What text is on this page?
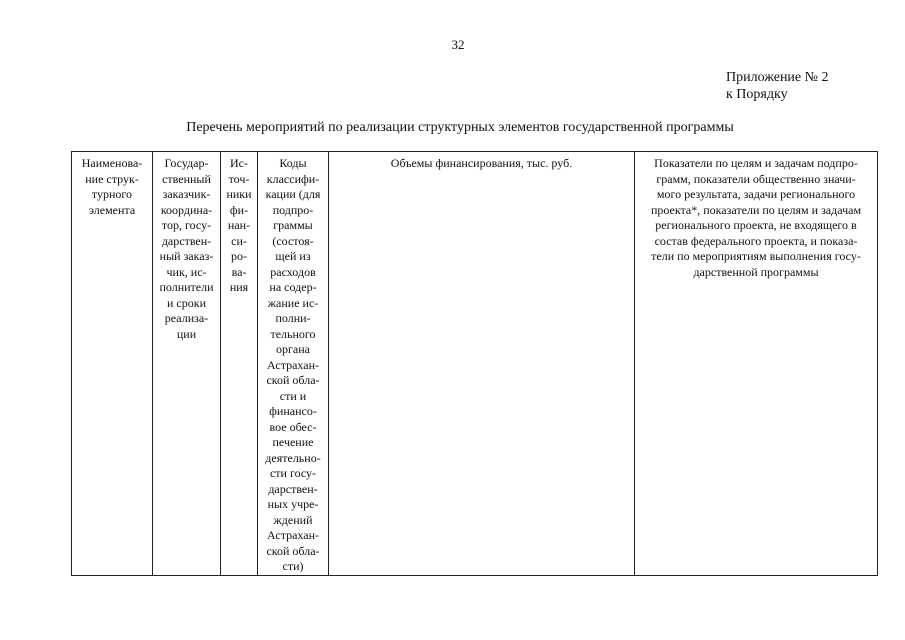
32
Приложение № 2
к Порядку
Перечень мероприятий по реализации структурных элементов государственной программы
Наименова-
ние струк-
турного
элемента

Государ-
ственный
заказчик-
координа-
тор, госу-
дарствен-
ный заказ-
чик, ис-
полнители
и сроки
реализа-
ции

Ис-
точ-
ники
фи-
нан-
си-
ро-
ва-
ния

Коды
классифи-
кации (для
подпро-
граммы
(состоя-
щей из
расходов
на содер-
жание ис-
полни-
тельного
органа
Астрахан-
ской обла-
сти и
финансо-
вое обес-
печение
деятельно-
сти госу-
дарствен-
ных учре-
ждений
Астрахан-
ской обла-
сти)

Объемы финансирования, тыс. руб.	Показатели по целям и задачам подпро-
грамм, показатели общественно значи-
мого результата, задачи регионального
проекта*, показатели по целям и задачам
регионального проекта, не входящего в
состав федерального проекта, и показа-
тели по мероприятиям выполнения госу-
дарственной программы
